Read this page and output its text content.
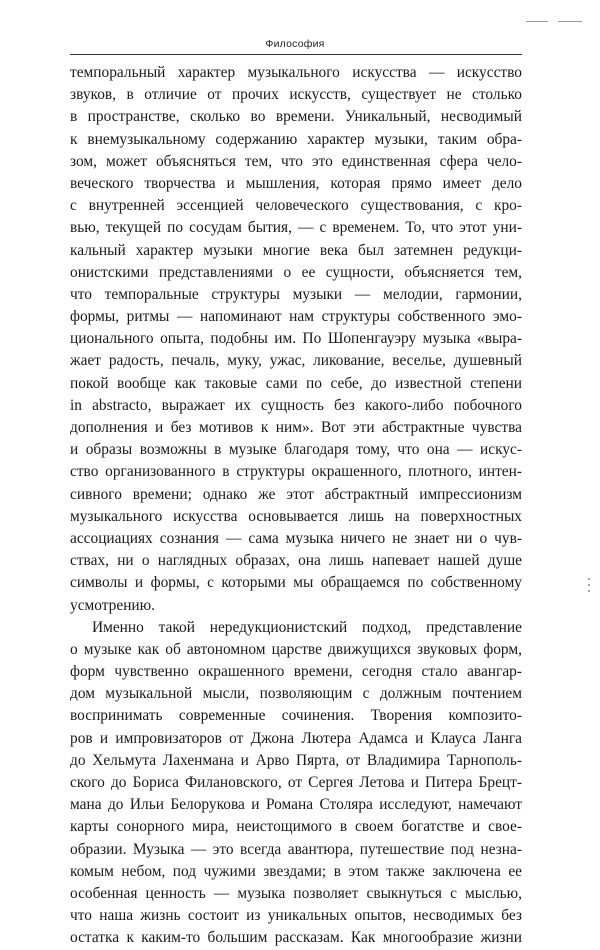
Философия
темпоральный характер музыкального искусства — искусство
звуков, в отличие от прочих искусств, существует не столько
в пространстве, сколько во времени. Уникальный, несводимый
к внемузыкальному содержанию характер музыки, таким обра-
зом, может объясняться тем, что это единственная сфера чело-
веческого творчества и мышления, которая прямо имеет дело
с внутренней эссенцией человеческого существования, с кро-
вью, текущей по сосудам бытия, — с временем. То, что этот уни-
кальный характер музыки многие века был затемнен редукци-
онистскими представлениями о ее сущности, объясняется тем,
что темпоральные структуры музыки — мелодии, гармонии,
формы, ритмы — напоминают нам структуры собственного эмо-
ционального опыта, подобны им. По Шопенгауэру музыка «выра-
жает радость, печаль, муку, ужас, ликование, веселье, душевный
покой вообще как таковые сами по себе, до известной степени
in abstracto, выражает их сущность без какого-либо побочного
дополнения и без мотивов к ним». Вот эти абстрактные чувства
и образы возможны в музыке благодаря тому, что она — искус-
ство организованного в структуры окрашенного, плотного, интен-
сивного времени; однако же этот абстрактный импрессионизм
музыкального искусства основывается лишь на поверхностных
ассоциациях сознания — сама музыка ничего не знает ни о чув-
ствах, ни о наглядных образах, она лишь напевает нашей душе
символы и формы, с которыми мы обращаемся по собственному
усмотрению.
Именно такой нередукционистский подход, представление
о музыке как об автономном царстве движущихся звуковых форм,
форм чувственно окрашенного времени, сегодня стало авангар-
дом музыкальной мысли, позволяющим с должным почтением
воспринимать современные сочинения. Творения композито-
ров и импровизаторов от Джона Лютера Адамса и Клауса Ланга
до Хельмута Лахенмана и Арво Пярта, от Владимира Тарнополь-
ского до Бориса Филановского, от Сергея Летова и Питера Брецт-
мана до Ильи Белорукова и Романа Столяра исследуют, намечают
карты сонорного мира, неистощимого в своем богатстве и свое-
образии. Музыка — это всегда авантюра, путешествие под незна-
комым небом, под чужими звездами; в этом также заключена ее
особенная ценность — музыка позволяет свыкнуться с мыслью,
что наша жизнь состоит из уникальных опытов, несводимых без
остатка к каким-то большим рассказам. Как многообразие жизни
